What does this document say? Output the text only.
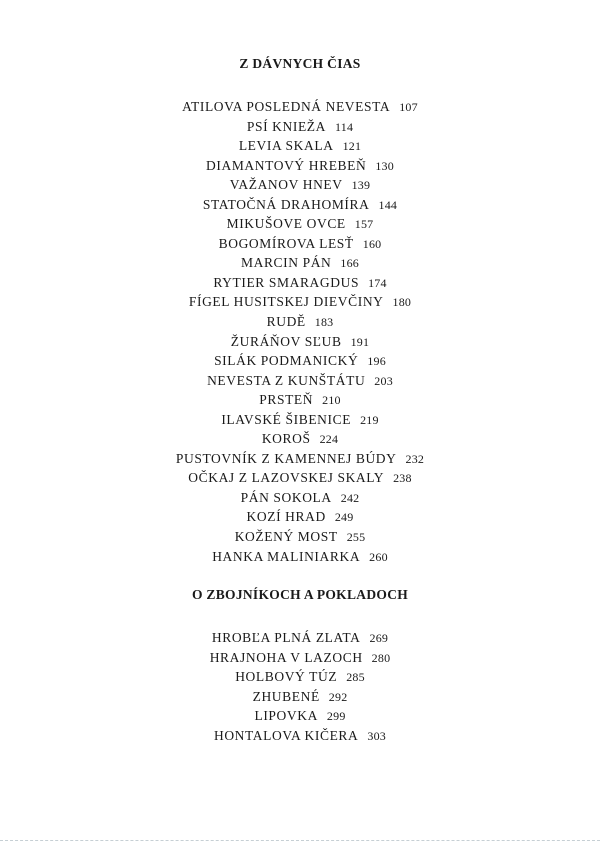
Z DÁVNYCH ČIAS
ATILOVA POSLEDNÁ NEVESTA 107
PSÍ KNIEŽA 114
LEVIA SKALA 121
DIAMANTOVÝ HREBEŇ 130
VAŽANOV HNEV 139
STATOČNÁ DRAHOMÍRA 144
MIKUŠOVE OVCE 157
BOGOMÍROVA LESŤ 160
MARCIN PÁN 166
RYTIER SMARAGDUS 174
FÍGEL HUSITSKEJ DIEVČINY 180
RUDĚ 183
ŽURÁŇOV SĽUB 191
SILÁK PODMANICKÝ 196
NEVESTA Z KUNŠTÁTU 203
PRSTEŇ 210
ILAVSKÉ ŠIBENICE 219
KOROŠ 224
PUSTOVNÍK Z KAMENNEJ BÚDY 232
OČKAJ Z LAZOVSKEJ SKALY 238
PÁN SOKOLA 242
KOZÍ HRAD 249
KOŽENÝ MOST 255
HANKA MALINIARKA 260
O ZBOJNÍKOCH A POKLADOCH
HROBĽA PLNÁ ZLATA 269
HRAJNOHA V LAZOCH 280
HOLBOVÝ TÚZ 285
ZHUBENÉ 292
LIPOVKA 299
HONTALOVA KIČERA 303
